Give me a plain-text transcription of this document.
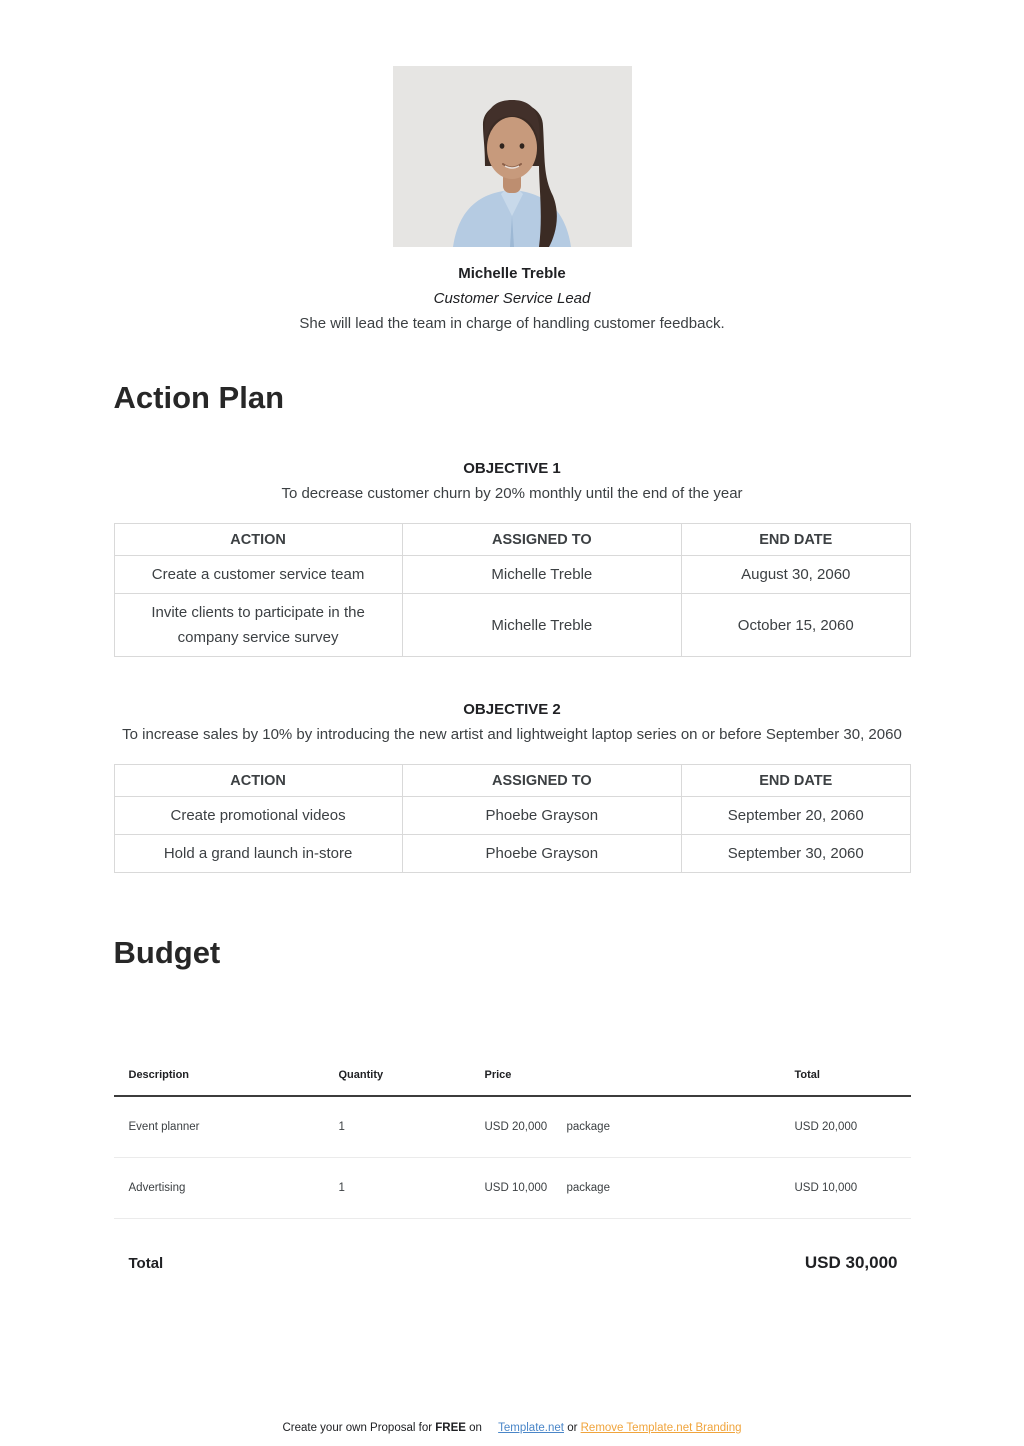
Michelle Treble
Customer Service Lead
She will lead the team in charge of handling customer feedback.
Action Plan
OBJECTIVE 1
To decrease customer churn by 20% monthly until the end of the year
ACTION	ASSIGNED TO	END DATE
Create a customer service team	Michelle Treble	August 30, 2060
Invite clients to participate in the company service survey	Michelle Treble	October 15, 2060
OBJECTIVE 2
To increase sales by 10% by introducing the new artist and lightweight laptop series on or before September 30, 2060
ACTION	ASSIGNED TO	END DATE
Create promotional videos	Phoebe Grayson	September 20, 2060
Hold a grand launch in-store	Phoebe Grayson	September 30, 2060
Budget
Description	Quantity	Price	Total
Event planner	1	USD 20,000	package	USD 20,000
Advertising	1	USD 10,000	package	USD 10,000
Total	USD 30,000
Create your own Proposal for FREE on Template.net or Remove Template.net Branding
